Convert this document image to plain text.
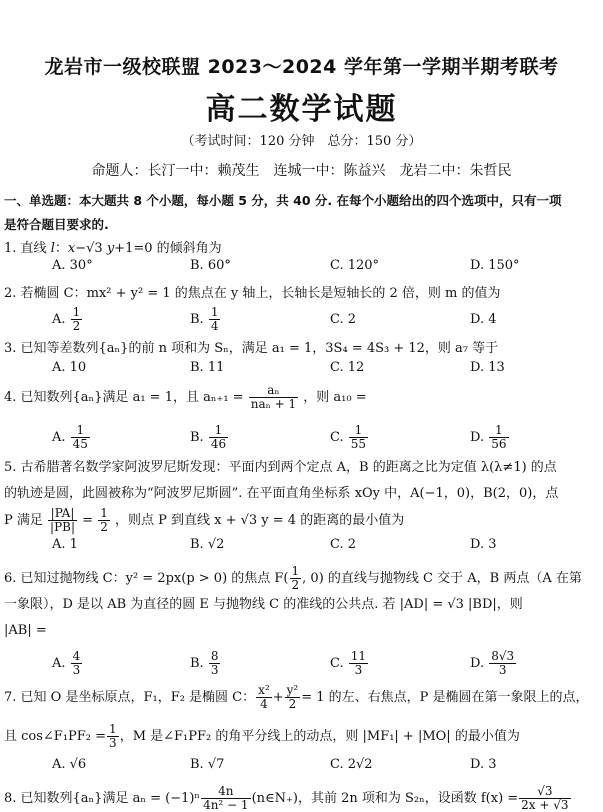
龙岩市一级校联盟 2023～2024 学年第一学期半期考联考
高二数学试题
（考试时间：120 分钟　总分：150 分）
命题人：长汀一中：赖茂生　连城一中：陈益兴　龙岩二中：朱哲民
一、单选题：本大题共 8 个小题，每小题 5 分，共 40 分. 在每个小题给出的四个选项中，只有一项
是符合题目要求的.
1. 直线 l：x−√3 y+1=0 的倾斜角为
A. 30°	B. 60°	C. 120°	D. 150°
2. 若椭圆 C：mx² + y² = 1 的焦点在 y 轴上，长轴长是短轴长的 2 倍，则 m 的值为
A. $\frac{1}{2}$	B. $\frac{1}{4}$	C. 2	D. 4
3. 已知等差数列{aₙ}的前 n 项和为 Sₙ，满足 a₁ = 1，3S₄ = 4S₃ + 12，则 a₇ 等于
A. 10	B. 11	C. 12	D. 13
4. 已知数列{aₙ}满足 a₁ = 1，且 $a_{n+1} = \frac{\text{aₙ}}{\text{naₙ + 1}}$ ，则 a₁₀ =
A. $\frac{1}{45}$	B. $\frac{1}{46}$	C. $\frac{1}{55}$	D. $\frac{1}{56}$
5. 古希腊著名数学家阿波罗尼斯发现：平面内到两个定点 A，B 的距离之比为定值 λ(λ≠1) 的点
的轨迹是圆，此圆被称为“阿波罗尼斯圆”. 在平面直角坐标系 xOy 中，A(−1，0)，B(2，0)，点
P 满足 $\frac{|PA|}{|PB|} = \frac{1}{2}$ ，则点 P 到直线 x + √3 y = 4 的距离的最小值为
A. 1	B. √2	C. 2	D. 3
6. 已知过抛物线 C：y² = 2px(p > 0) 的焦点 $F( \frac{1}{2}$ , 0) 的直线与抛物线 C 交于 A，B 两点（A 在第
一象限），D 是以 AB 为直径的圆 E 与抛物线 C 的准线的公共点. 若 |AD| = √3 |BD|，则
|AB| =
A. $\frac{4}{3}$	B. $\frac{8}{3}$	C. $\frac{11}{3}$	D. $\frac{8√3}{3}$
7. 已知 O 是坐标原点，F₁，F₂ 是椭圆 C： $\frac{\text{x²}}{4} + \frac{\text{y²}}{2} = 1$ 的左、右焦点，P 是椭圆在第一象限上的点，
且 cos∠F₁PF₂ = $\frac{1}{3}$ ，M 是∠F₁PF₂ 的角平分线上的动点，则 |MF₁| + |MO| 的最小值为
A. √6	B. √7	C. 2√2	D. 3
8. 已知数列{aₙ}满足 $a_n = (-1)^n \frac{4n}{\text{4n² − 1}}$ (n∈N₊)，其前 2n 项和为 S₂ₙ，设函数 $f(x) = \frac{√3}{2x + √3}$
